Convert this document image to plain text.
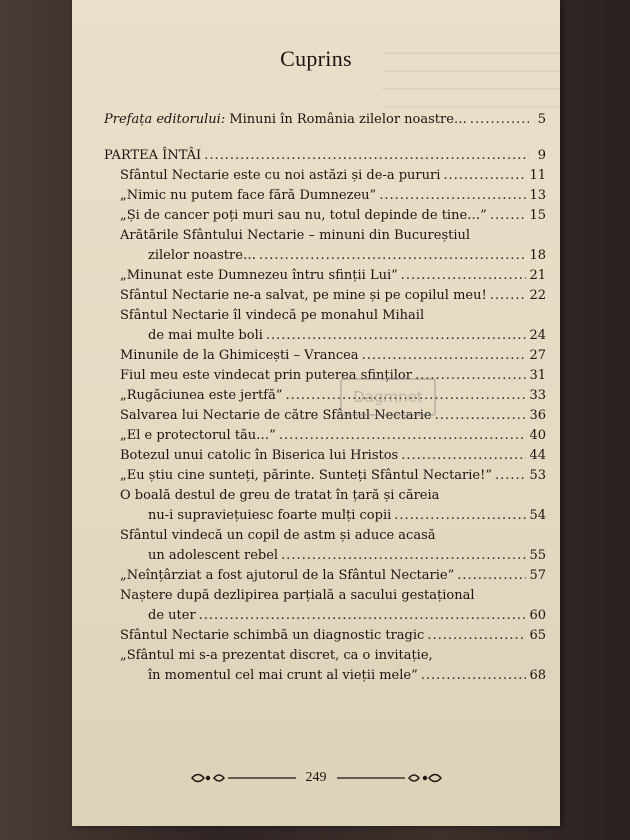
Cuprins
Prefața editorului: Minuni în România zilelor noastre… .....	5
PARTEA ÎNTÂI .....	9
Sfântul Nectarie este cu noi astăzi și de-a pururi .....	11
„Nimic nu putem face fără Dumnezeu” .....	13
„Și de cancer poți muri sau nu, totul depinde de tine…” .....	15
Arătările Sfântului Nectarie – minuni din Bucureștiul
zilelor noastre… .....	18
„Minunat este Dumnezeu întru sfinții Lui” .....	21
Sfântul Nectarie ne-a salvat, pe mine și pe copilul meu! .....	22
Sfântul Nectarie îl vindecă pe monahul Mihail
de mai multe boli .....	24
Minunile de la Ghimicești – Vrancea .....	27
Fiul meu este vindecat prin puterea sfinților .....	31
„Rugăciunea este jertfă” .....	33
Salvarea lui Nectarie de către Sfântul Nectarie .....	36
„El e protectorul tău…” .....	40
Botezul unui catolic în Biserica lui Hristos .....	44
„Eu știu cine sunteți, părinte. Sunteți Sfântul Nectarie!” .....	53
O boală destul de greu de tratat în țară și căreia
nu-i supraviețuiesc foarte mulți copii .....	54
Sfântul vindecă un copil de astm și aduce acasă
un adolescent rebel .....	55
„Neînțârziat a fost ajutorul de la Sfântul Nectarie” .....	57
Naștere după dezlipirea parțială a sacului gestațional
de uter .....	60
Sfântul Nectarie schimbă un diagnostic tragic .....	65
„Sfântul mi s-a prezentat discret, ca o invitație,
în momentul cel mai crunt al vieții mele” .....	68
Dagmnet
249
